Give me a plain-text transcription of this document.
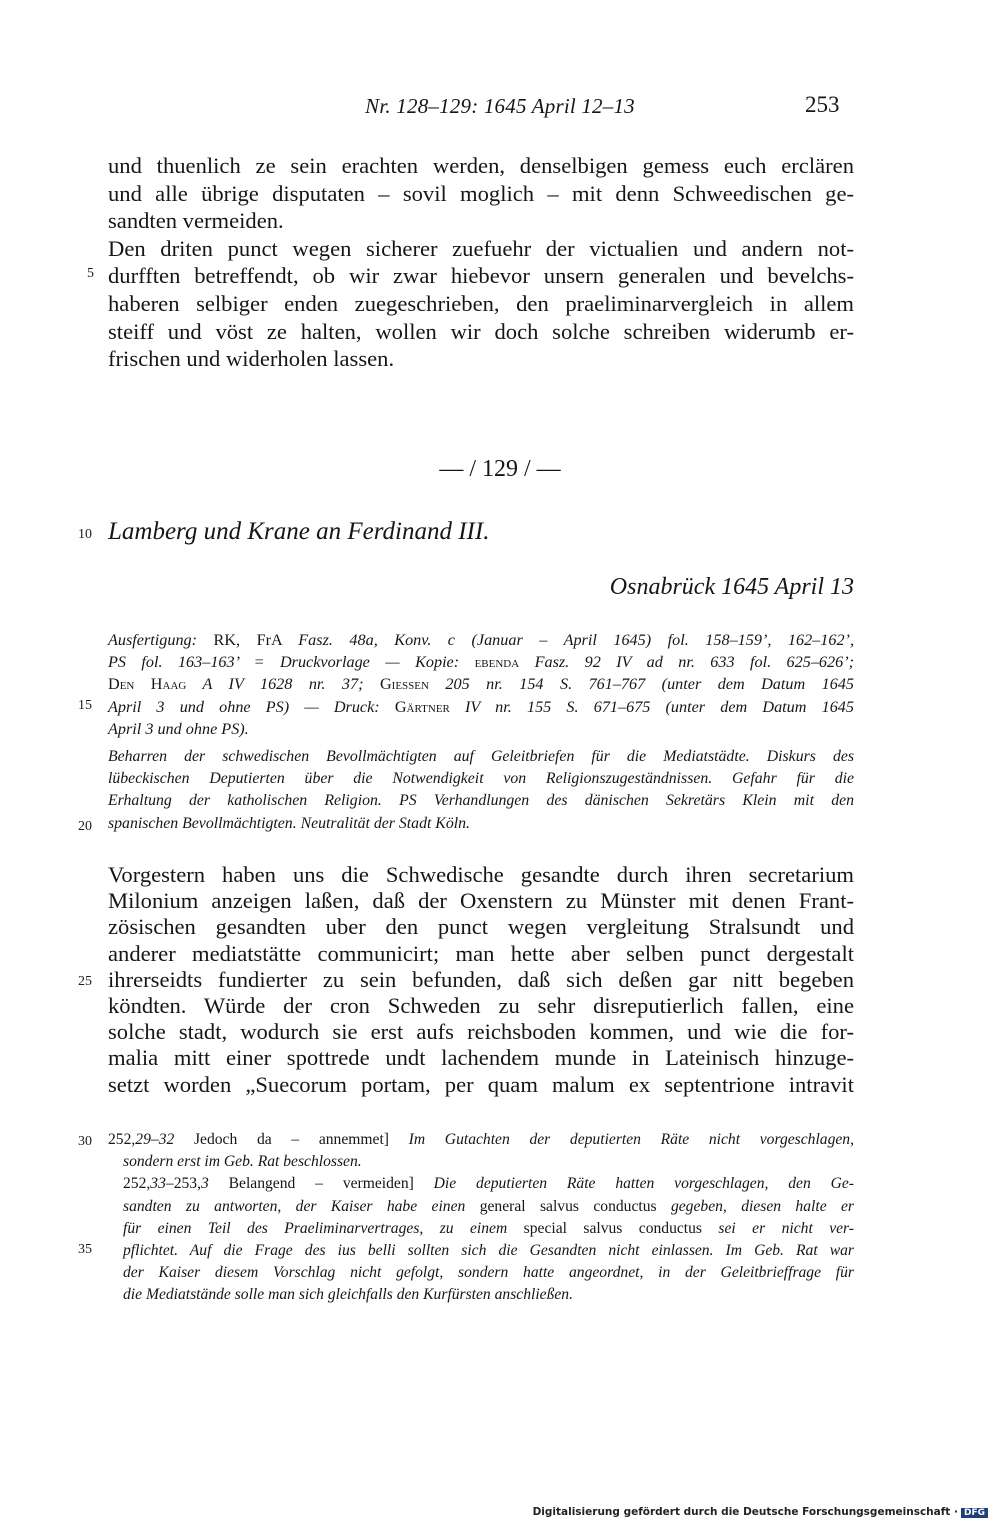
Nr. 128–129: 1645 April 12–13	253
und thuenlich ze sein erachten werden, denselbigen gemess euch erclären
und alle übrige disputaten – sovil moglich – mit denn Schweedischen ge-
sandten vermeiden.
Den driten punct wegen sicherer zuefuehr der victualien und andern not-
durfften betreffendt, ob wir zwar hiebevor unsern generalen und bevelchs-
haberen selbiger enden zuegeschrieben, den praeliminarvergleich in allem
steiff und vöst ze halten, wollen wir doch solche schreiben widerumb er-
frischen und widerholen lassen.
5
10
15
20
25
30
35
— / 129 / —
Lamberg und Krane an Ferdinand III.
Osnabrück 1645 April 13
Ausfertigung: RK, FrA Fasz. 48a, Konv. c (Januar – April 1645) fol. 158–159’, 162–162’,
PS fol. 163–163’ = Druckvorlage — Kopie: ebenda Fasz. 92 IV ad nr. 633 fol. 625–626’;
Den Haag A IV 1628 nr. 37; Giessen 205 nr. 154 S. 761–767 (unter dem Datum 1645
April 3 und ohne PS) — Druck: Gärtner IV nr. 155 S. 671–675 (unter dem Datum 1645
April 3 und ohne PS).
Beharren der schwedischen Bevollmächtigten auf Geleitbriefen für die Mediatstädte. Diskurs des
lübeckischen Deputierten über die Notwendigkeit von Religionszugeständnissen. Gefahr für die
Erhaltung der katholischen Religion. PS Verhandlungen des dänischen Sekretärs Klein mit den
spanischen Bevollmächtigten. Neutralität der Stadt Köln.
Vorgestern haben uns die Schwedische gesandte durch ihren secretarium
Milonium anzeigen laßen, daß der Oxenstern zu Münster mit denen Frant-
zösischen gesandten uber den punct wegen vergleitung Stralsundt und
anderer mediatstätte communicirt; man hette aber selben punct dergestalt
ihrerseidts fundierter zu sein befunden, daß sich deßen gar nitt begeben
köndten. Würde der cron Schweden zu sehr disreputierlich fallen, eine
solche stadt, wodurch sie erst aufs reichsboden kommen, und wie die for-
malia mitt einer spottrede undt lachendem munde in Lateinisch hinzuge-
setzt worden „Suecorum portam, per quam malum ex septentrione intravit
252,29–32 Jedoch da – annemmet] Im Gutachten der deputierten Räte nicht vorgeschlagen,
sondern erst im Geb. Rat beschlossen.
252,33–253,3 Belangend – vermeiden] Die deputierten Räte hatten vorgeschlagen, den Ge-
sandten zu antworten, der Kaiser habe einen general salvus conductus gegeben, diesen halte er
für einen Teil des Praeliminarvertrages, zu einem special salvus conductus sei er nicht ver-
pflichtet. Auf die Frage des ius belli sollten sich die Gesandten nicht einlassen. Im Geb. Rat war
der Kaiser diesem Vorschlag nicht gefolgt, sondern hatte angeordnet, in der Geleitbrieffrage für
die Mediatstände solle man sich gleichfalls den Kurfürsten anschließen.
Digitalisierung gefördert durch die Deutsche Forschungsgemeinschaft · DFG
